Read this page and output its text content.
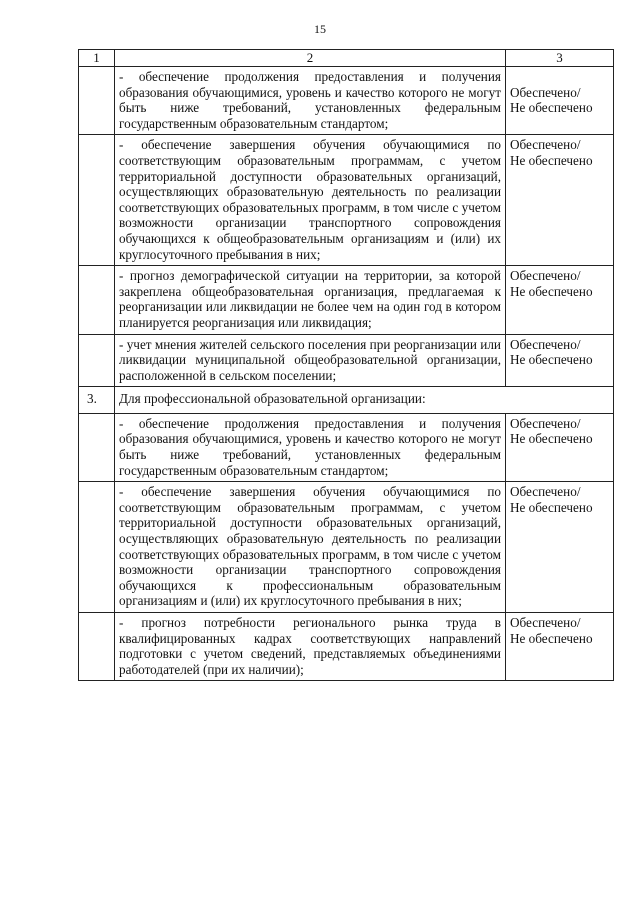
15
1	2	3
	- обеспечение продолжения предоставления и получения образования обучающимися, уровень и качество которого не могут быть ниже требований, установленных федеральным государственным образовательным стандартом;	Обеспечено/
Не обеспечено

	- обеспечение завершения обучения обучающимися по соответствующим образовательным программам, с учетом территориальной доступности образовательных организаций, осуществляющих образовательную деятельность по реализации соответствующих образовательных программ, в том числе с учетом возможности организации транспортного сопровождения обучающихся к общеобразовательным организациям и (или) их круглосуточного пребывания в них;	Обеспечено/
Не обеспечено

	- прогноз демографической ситуации на территории, за которой закреплена общеобразовательная организация, предлагаемая к реорганизации или ликвидации не более чем на один год в котором планируется реорганизация или ликвидация;	Обеспечено/
Не обеспечено

	- учет мнения жителей сельского поселения при реорганизации или ликвидации муниципальной общеобразовательной организации, расположенной в сельском поселении;	Обеспечено/
Не обеспечено

3.	Для профессиональной образовательной организации:	
	- обеспечение продолжения предоставления и получения образования обучающимися, уровень и качество которого не могут быть ниже требований, установленных федеральным государственным образовательным стандартом;	Обеспечено/
Не обеспечено

	- обеспечение завершения обучения обучающимися по соответствующим образовательным программам, с учетом территориальной доступности образовательных организаций, осуществляющих образовательную деятельность по реализации соответствующих образовательных программ, в том числе с учетом возможности организации транспортного сопровождения обучающихся к профессиональным образовательным организациям и (или) их круглосуточного пребывания в них;	Обеспечено/
Не обеспечено

	- прогноз потребности регионального рынка труда в квалифицированных кадрах соответствующих направлений подготовки с учетом сведений, представляемых объединениями работодателей (при их наличии);	Обеспечено/
Не обеспечено
